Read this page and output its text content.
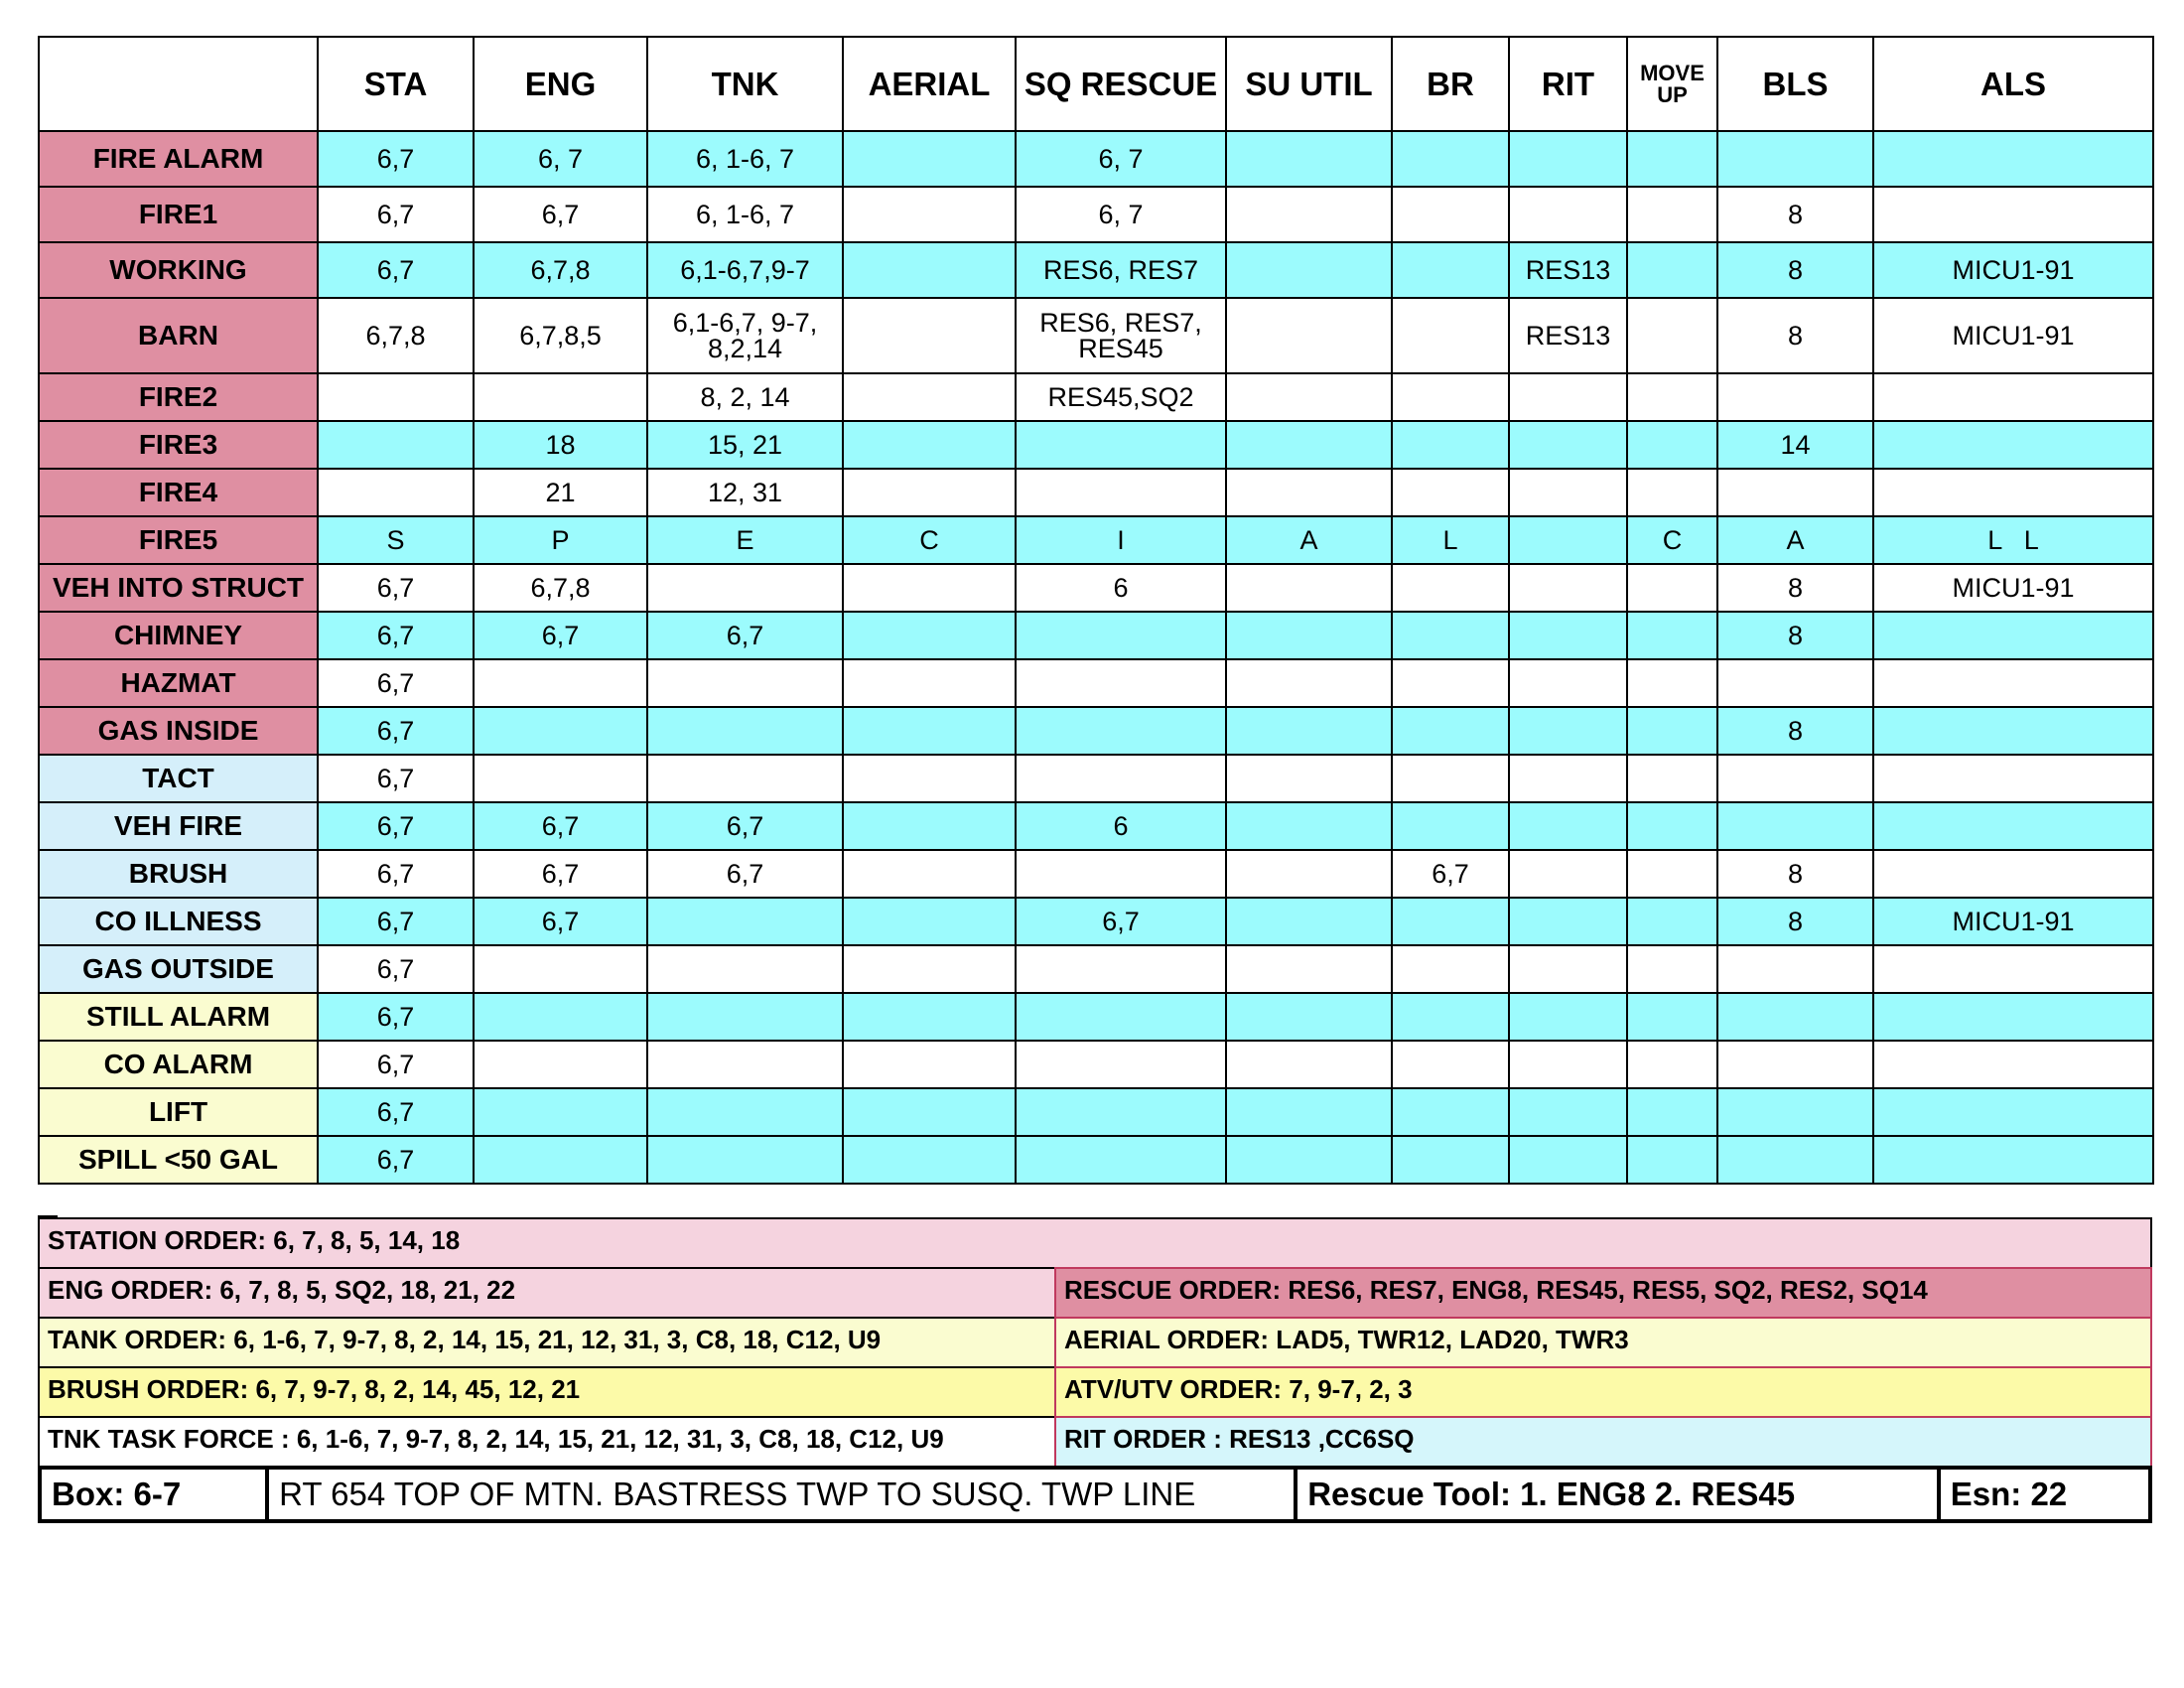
	STA	ENG	TNK	AERIAL	SQ RESCUE	SU UTIL	BR	RIT	MOVE UP	BLS	ALS
FIRE ALARM	6,7	6, 7	6, 1-6, 7		6, 7						
FIRE1	6,7	6,7	6, 1-6, 7		6, 7					8	
WORKING	6,7	6,7,8	6,1-6,7,9-7		RES6, RES7			RES13		8	MICU1-91
BARN	6,7,8	6,7,8,5	6,1-6,7, 9-7, 8,2,14		RES6, RES7, RES45			RES13		8	MICU1-91
FIRE2			8, 2, 14		RES45,SQ2						
FIRE3		18	15, 21							14	
FIRE4		21	12, 31								
FIRE5	S	P	E	C	I	A	L		C	A	L   L
VEH INTO STRUCT	6,7	6,7,8			6					8	MICU1-91
CHIMNEY	6,7	6,7	6,7							8	
HAZMAT	6,7										
GAS INSIDE	6,7									8	
TACT	6,7										
VEH FIRE	6,7	6,7	6,7		6						
BRUSH	6,7	6,7	6,7				6,7			8	
CO ILLNESS	6,7	6,7			6,7					8	MICU1-91
GAS OUTSIDE	6,7										
STILL ALARM	6,7										
CO ALARM	6,7										
LIFT	6,7										
SPILL <50 GAL	6,7										
STATION ORDER: 6, 7, 8, 5, 14, 18
ENG ORDER: 6, 7, 8, 5, SQ2, 18, 21, 22	RESCUE ORDER: RES6, RES7, ENG8, RES45, RES5, SQ2, RES2, SQ14
TANK ORDER: 6, 1-6, 7, 9-7, 8, 2, 14, 15, 21, 12, 31, 3, C8, 18, C12, U9	AERIAL ORDER: LAD5, TWR12, LAD20, TWR3
BRUSH ORDER: 6, 7, 9-7, 8, 2, 14, 45, 12, 21	ATV/UTV ORDER: 7, 9-7, 2, 3
TNK TASK FORCE : 6, 1-6, 7, 9-7, 8, 2, 14, 15, 21, 12, 31, 3, C8, 18, C12, U9	RIT ORDER : RES13 ,CC6SQ
Box: 6-7	RT 654 TOP OF MTN. BASTRESS TWP TO SUSQ. TWP LINE	Rescue Tool: 1. ENG8 2. RES45	Esn: 22
